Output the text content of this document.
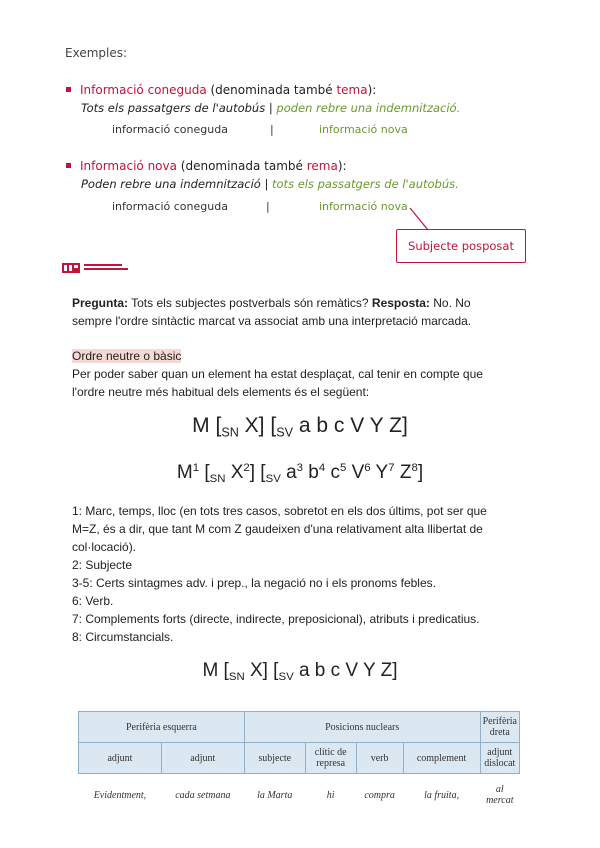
Exemples:
Informació coneguda (denominada també tema):
Tots els passatgers de l'autobús | poden rebre una indemnització.
informació coneguda	|	informació nova
Informació nova (denominada també rema):
Poden rebre una indemnització | tots els passatgers de l'autobús.
informació coneguda	|	informació nova
Subjecte posposat
Pregunta: Tots els subjectes postverbals són remàtics? Resposta: No. No
sempre l'ordre sintàctic marcat va associat amb una interpretació marcada.
Ordre neutre o bàsic
Per poder saber quan un element ha estat desplaçat, cal tenir en compte que
l'ordre neutre més habitual dels elements és el següent:
M [$_{SN}$ X] [$_{SV}$ a b c V Y Z]
$M^1$ [$_{SN}$ $X^2$] [$_{SV}$ $a^3$ $b^4$ $c^5$ $V^6$ $Y^7$ $Z^8$]
1: Marc, temps, lloc (en tots tres casos, sobretot en els dos últims, pot ser que
M=Z, és a dir, que tant M com Z gaudeixen d'una relativament alta llibertat de
col·locació).
2: Subjecte
3-5: Certs sintagmes adv. i prep., la negació no i els pronoms febles.
6: Verb.
7: Complements forts (directe, indirecte, preposicional), atributs i predicatius.
8: Circumstancials.
M [$_{SN}$ X] [$_{SV}$ a b c V Y Z]
Perifèria esquerra		Posicions nuclears				Perifèria dreta
adjunt	adjunt	subjecte	clític de represa	verb	complement	adjunt dislocat
Evidentment,	cada setmana	la Marta	hi	compra	la fruita,	al mercat
